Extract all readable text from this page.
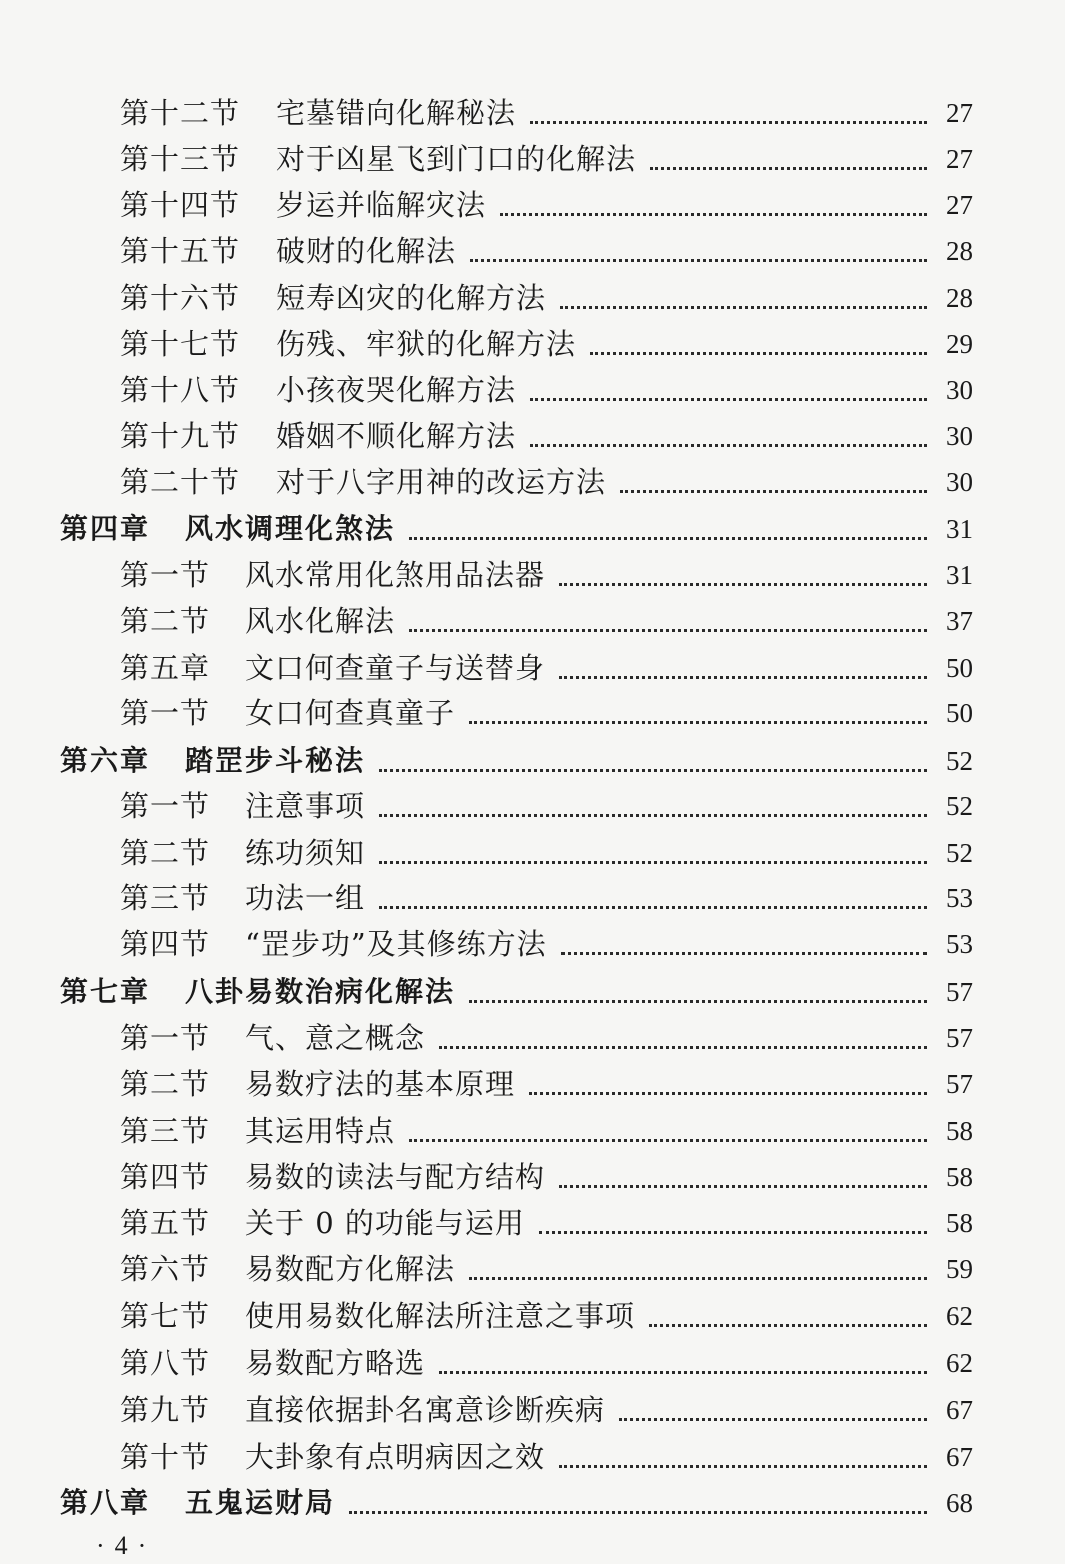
第十二节 宅墓错向化解秘法	27
第十三节 对于凶星飞到门口的化解法	27
第十四节 岁运并临解灾法	27
第十五节 破财的化解法	28
第十六节 短寿凶灾的化解方法	28
第十七节 伤残、牢狱的化解方法	29
第十八节 小孩夜哭化解方法	30
第十九节 婚姻不顺化解方法	30
第二十节 对于八字用神的改运方法	30
第四章 风水调理化煞法	31
第一节 风水常用化煞用品法器	31
第二节 风水化解法	37
第五章 文口何查童子与送替身	50
第一节 女口何查真童子	50
第六章 踏罡步斗秘法	52
第一节 注意事项	52
第二节 练功须知	52
第三节 功法一组	53
第四节 “罡步功”及其修练方法	53
第七章 八卦易数治病化解法	57
第一节 气、意之概念	57
第二节 易数疗法的基本原理	57
第三节 其运用特点	58
第四节 易数的读法与配方结构	58
第五节 关于 0 的功能与运用	58
第六节 易数配方化解法	59
第七节 使用易数化解法所注意之事项	62
第八节 易数配方略选	62
第九节 直接依据卦名寓意诊断疾病	67
第十节 大卦象有点明病因之效	67
第八章 五鬼运财局	68
·4·
